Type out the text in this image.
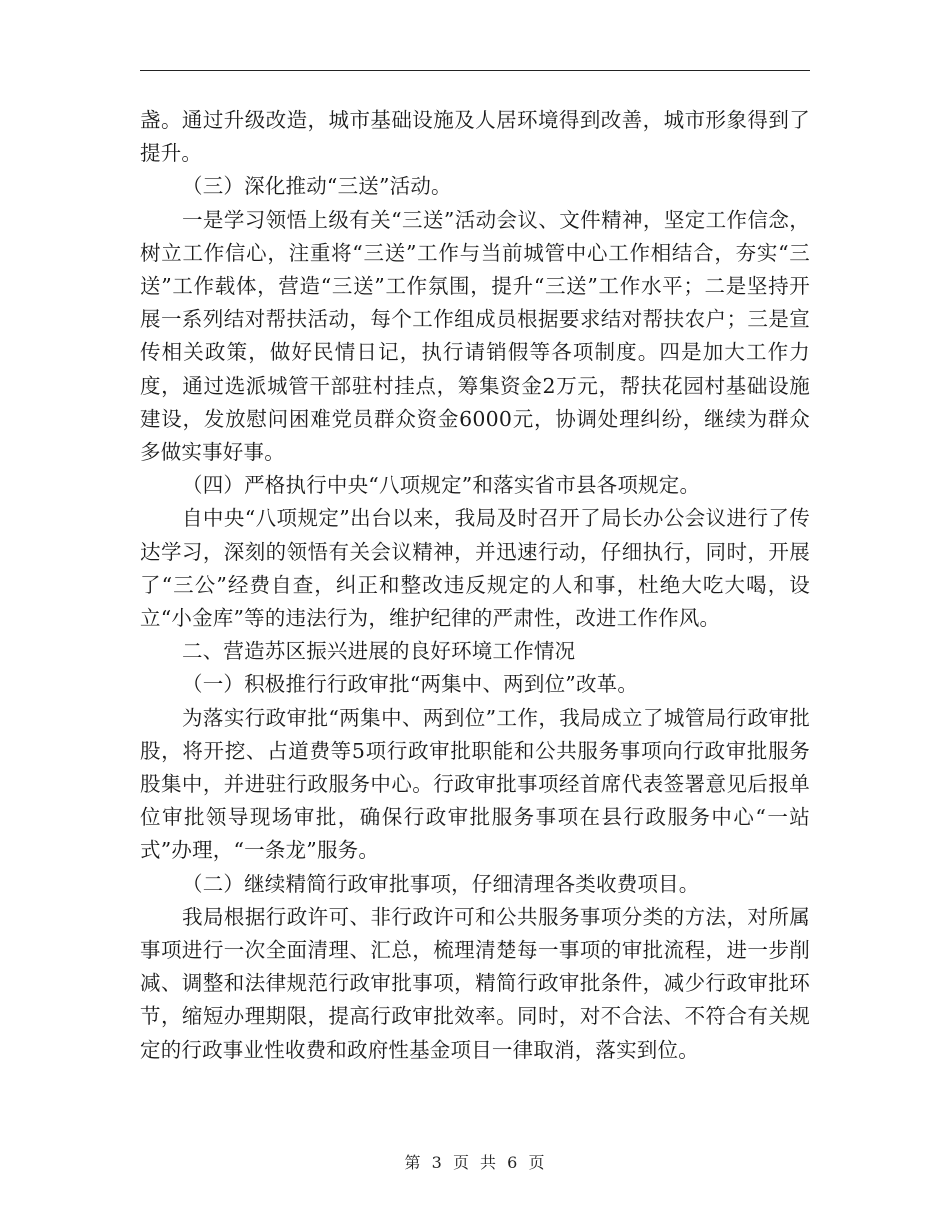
盏。通过升级改造，城市基础设施及人居环境得到改善，城市形象得到了提升。

（三）深化推动“三送”活动。

一是学习领悟上级有关“三送”活动会议、文件精神，坚定工作信念，树立工作信心，注重将“三送”工作与当前城管中心工作相结合，夯实“三送”工作载体，营造“三送”工作氛围，提升“三送”工作水平；二是坚持开展一系列结对帮扶活动，每个工作组成员根据要求结对帮扶农户；三是宣传相关政策，做好民情日记，执行请销假等各项制度。四是加大工作力度，通过选派城管干部驻村挂点，筹集资金2万元，帮扶花园村基础设施建设，发放慰问困难党员群众资金6000元，协调处理纠纷，继续为群众多做实事好事。

（四）严格执行中央“八项规定”和落实省市县各项规定。

自中央“八项规定”出台以来，我局及时召开了局长办公会议进行了传达学习，深刻的领悟有关会议精神，并迅速行动，仔细执行，同时，开展了“三公”经费自查，纠正和整改违反规定的人和事，杜绝大吃大喝，设立“小金库”等的违法行为，维护纪律的严肃性，改进工作作风。

二、营造苏区振兴进展的良好环境工作情况

（一）积极推行行政审批“两集中、两到位”改革。

为落实行政审批“两集中、两到位”工作，我局成立了城管局行政审批股，将开挖、占道费等5项行政审批职能和公共服务事项向行政审批服务股集中，并进驻行政服务中心。行政审批事项经首席代表签署意见后报单位审批领导现场审批，确保行政审批服务事项在县行政服务中心“一站式”办理，“一条龙”服务。

（二）继续精简行政审批事项，仔细清理各类收费项目。

我局根据行政许可、非行政许可和公共服务事项分类的方法，对所属事项进行一次全面清理、汇总，梳理清楚每一事项的审批流程，进一步削减、调整和法律规范行政审批事项，精简行政审批条件，减少行政审批环节，缩短办理期限，提高行政审批效率。同时，对不合法、不符合有关规定的行政事业性收费和政府性基金项目一律取消，落实到位。

第 3 页 共 6 页
